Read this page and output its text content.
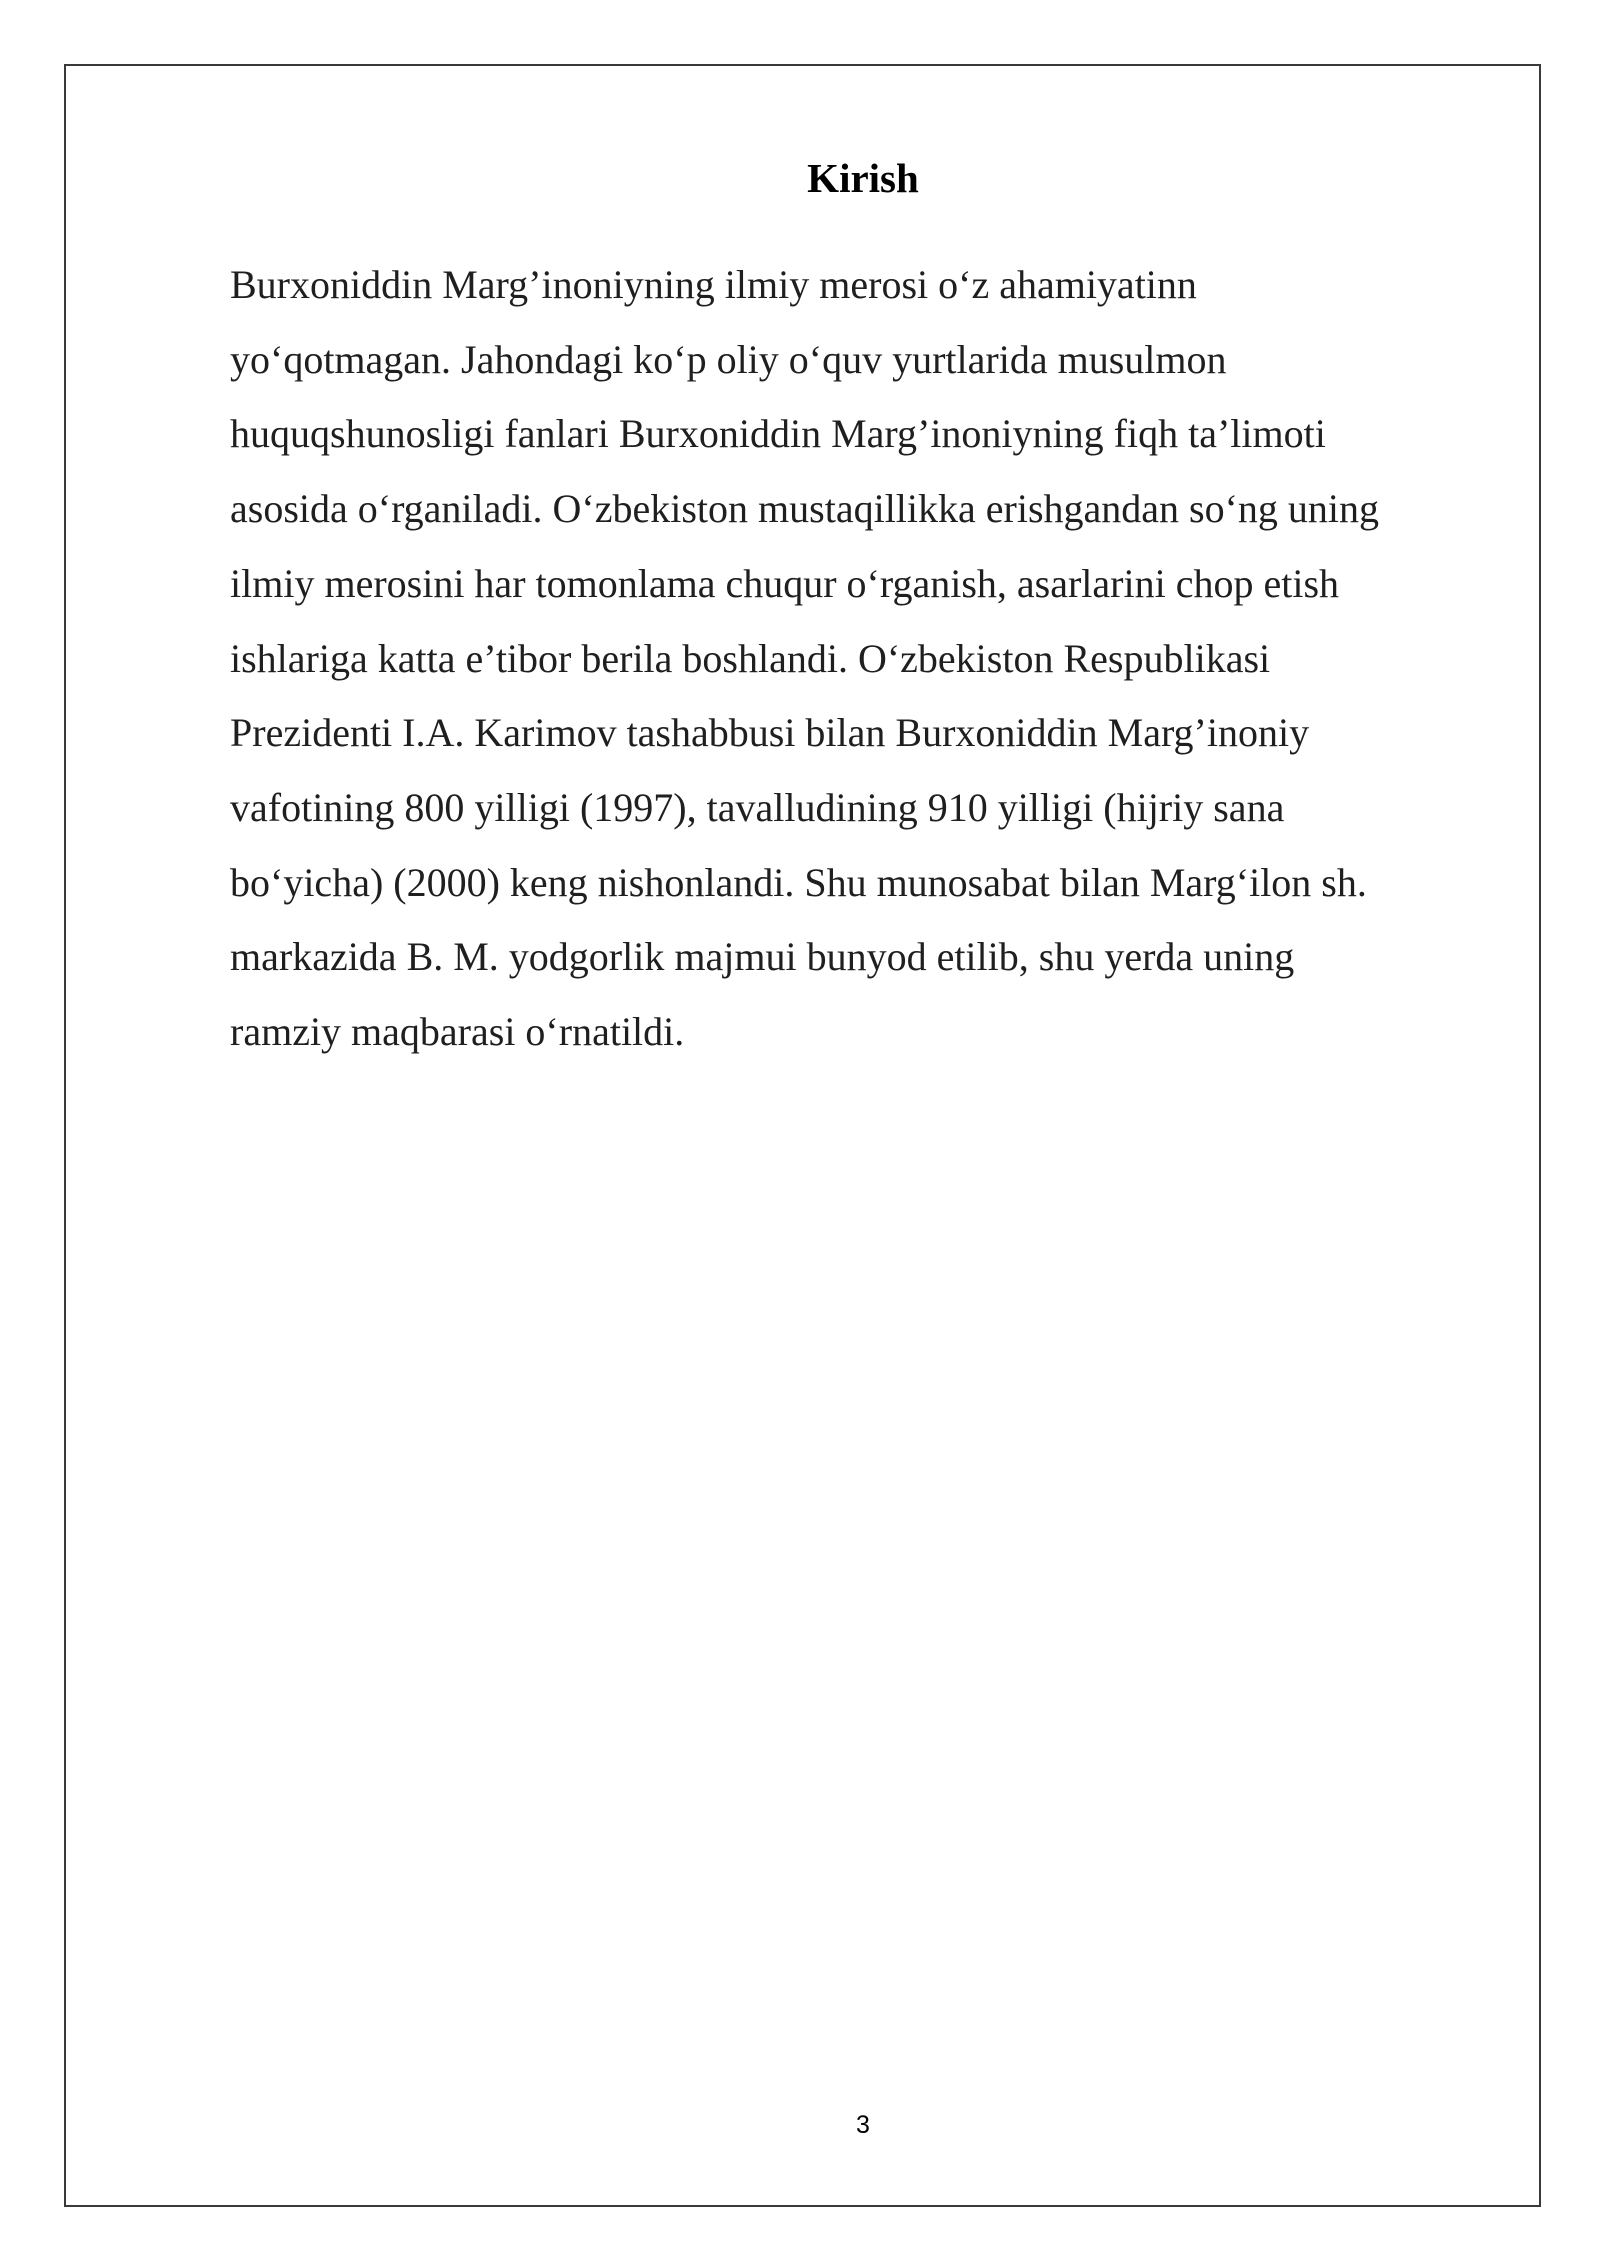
Kirish

Burxoniddin Marg’inoniyning ilmiy merosi o‘z ahamiyatinn
yo‘qotmagan. Jahondagi ko‘p oliy o‘quv yurtlarida musulmon
huquqshunosligi fanlari Burxoniddin Marg’inoniyning fiqh ta’limoti
asosida o‘rganiladi. O‘zbekiston mustaqillikka erishgandan so‘ng uning
ilmiy merosini har tomonlama chuqur o‘rganish, asarlarini chop etish
ishlariga katta e’tibor berila boshlandi. O‘zbekiston Respublikasi
Prezidenti I.A. Karimov tashabbusi bilan Burxoniddin Marg’inoniy
vafotining 800 yilligi (1997), tavalludining 910 yilligi (hijriy sana
bo‘yicha) (2000) keng nishonlandi. Shu munosabat bilan Marg‘ilon sh.
markazida B. M. yodgorlik majmui bunyod etilib, shu yerda uning
ramziy maqbarasi o‘rnatildi.

3
